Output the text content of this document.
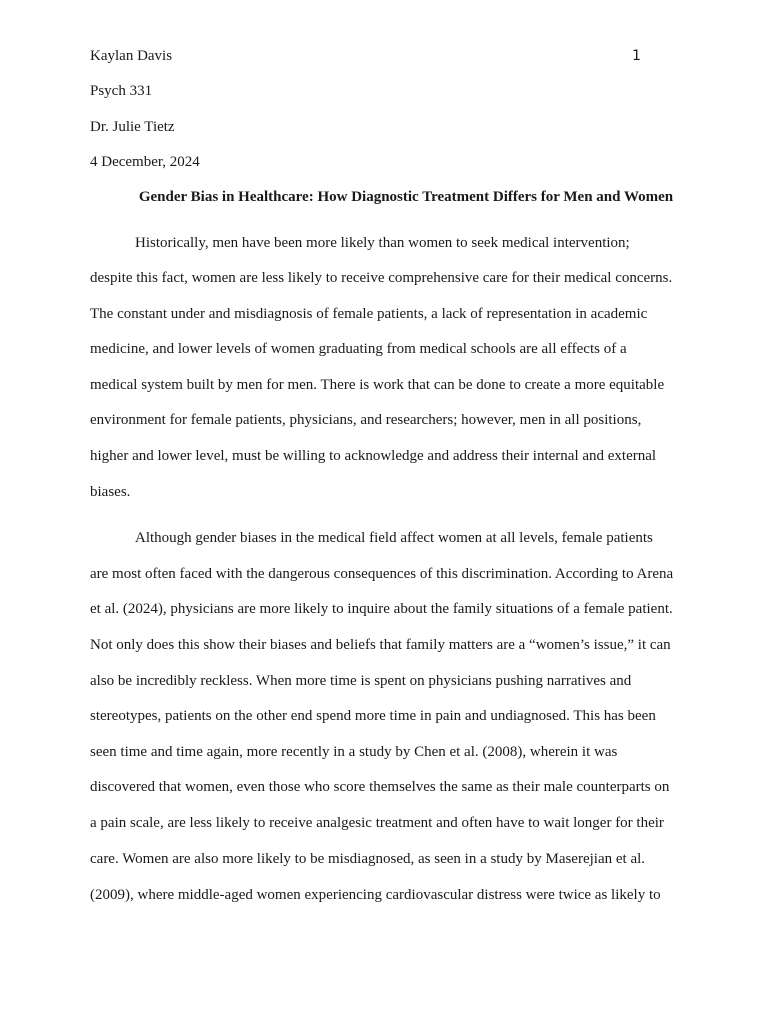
1
Kaylan Davis
Psych 331
Dr. Julie Tietz
4 December, 2024
Gender Bias in Healthcare: How Diagnostic Treatment Differs for Men and Women
Historically, men have been more likely than women to seek medical intervention;
despite this fact, women are less likely to receive comprehensive care for their medical concerns.
The constant under and misdiagnosis of female patients, a lack of representation in academic
medicine, and lower levels of women graduating from medical schools are all effects of a
medical system built by men for men. There is work that can be done to create a more equitable
environment for female patients, physicians, and researchers; however, men in all positions,
higher and lower level, must be willing to acknowledge and address their internal and external
biases.
Although gender biases in the medical field affect women at all levels, female patients
are most often faced with the dangerous consequences of this discrimination. According to Arena
et al. (2024), physicians are more likely to inquire about the family situations of a female patient.
Not only does this show their biases and beliefs that family matters are a “women’s issue,” it can
also be incredibly reckless. When more time is spent on physicians pushing narratives and
stereotypes, patients on the other end spend more time in pain and undiagnosed. This has been
seen time and time again, more recently in a study by Chen et al. (2008), wherein it was
discovered that women, even those who score themselves the same as their male counterparts on
a pain scale, are less likely to receive analgesic treatment and often have to wait longer for their
care. Women are also more likely to be misdiagnosed, as seen in a study by Maserejian et al.
(2009), where middle-aged women experiencing cardiovascular distress were twice as likely to
